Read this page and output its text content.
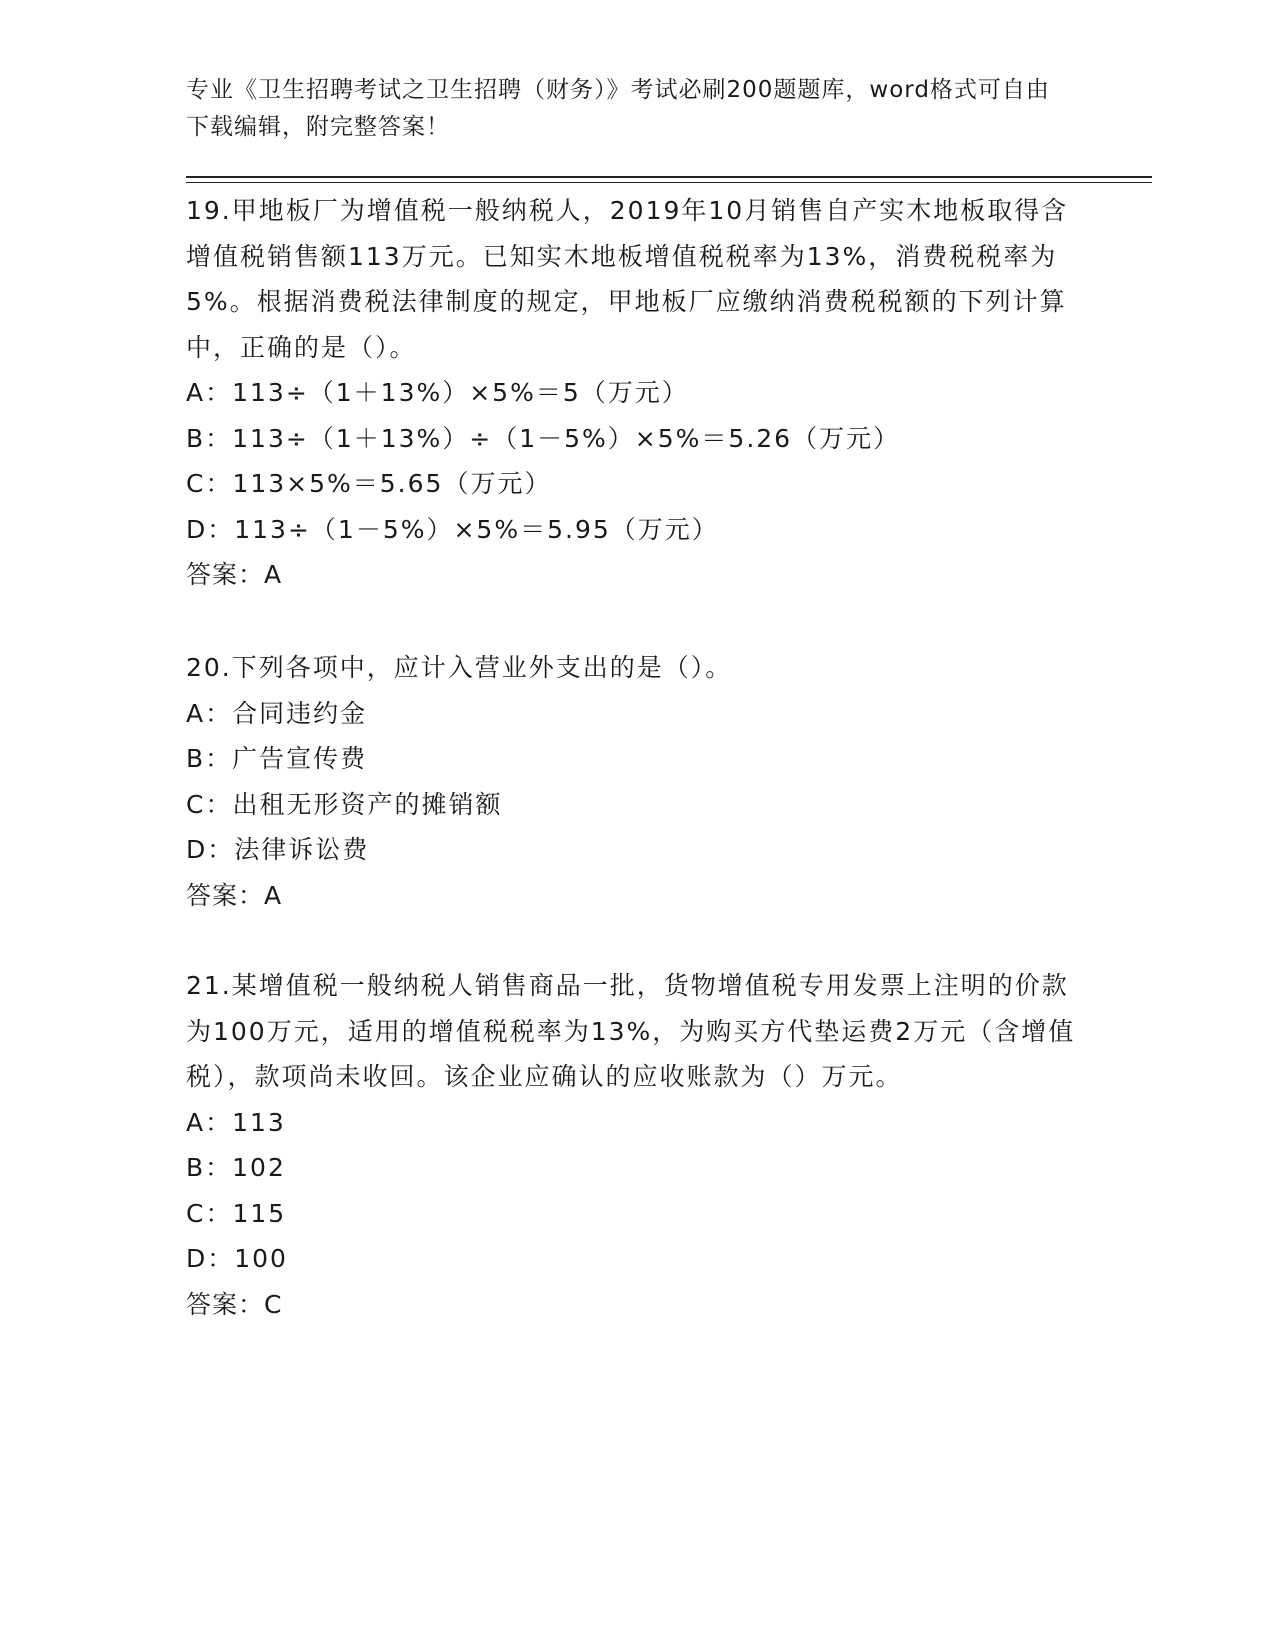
专业《卫生招聘考试之卫生招聘（财务）》考试必刷200题题库，word格式可自由下载编辑，附完整答案！

19.甲地板厂为增值税一般纳税人，2019年10月销售自产实木地板取得含增值税销售额113万元。已知实木地板增值税税率为13%，消费税税率为5%。根据消费税法律制度的规定，甲地板厂应缴纳消费税税额的下列计算中，正确的是（）。

A：113÷（1＋13%）×5%＝5（万元）

B：113÷（1＋13%）÷（1－5%）×5%＝5.26（万元）

C：113×5%＝5.65（万元）

D：113÷（1－5%）×5%＝5.95（万元）

答案：A

20.下列各项中，应计入营业外支出的是（）。

A：合同违约金

B：广告宣传费

C：出租无形资产的摊销额

D：法律诉讼费

答案：A

21.某增值税一般纳税人销售商品一批，货物增值税专用发票上注明的价款为100万元，适用的增值税税率为13%，为购买方代垫运费2万元（含增值税），款项尚未收回。该企业应确认的应收账款为（）万元。

A：113

B：102

C：115

D：100

答案：C
